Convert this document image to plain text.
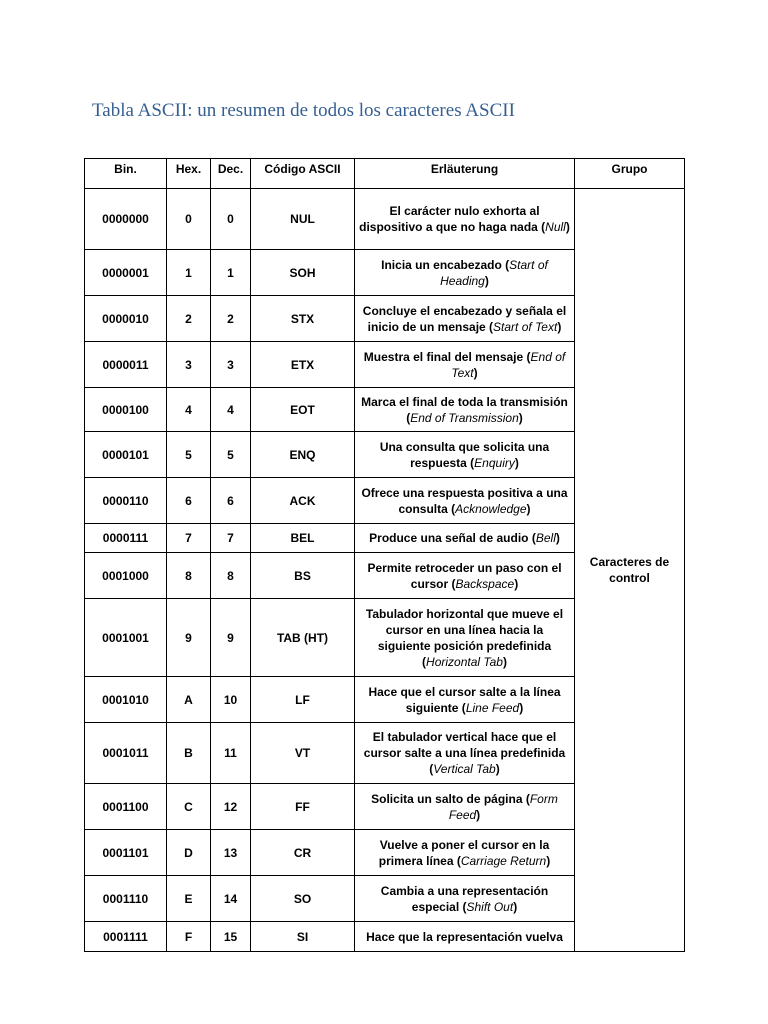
Tabla ASCII: un resumen de todos los caracteres ASCII
Bin.	Hex.	Dec.	Código ASCII	Erläuterung	Grupo
0000000	0	0	NUL	El carácter nulo exhorta al dispositivo a que no haga nada (Null)	Caracteres de control
0000001	1	1	SOH	Inicia un encabezado (Start of Heading)	
0000010	2	2	STX	Concluye el encabezado y señala el inicio de un mensaje (Start of Text)	
0000011	3	3	ETX	Muestra el final del mensaje (End of Text)	
0000100	4	4	EOT	Marca el final de toda la transmisión (End of Transmission)	
0000101	5	5	ENQ	Una consulta que solicita una respuesta (Enquiry)	
0000110	6	6	ACK	Ofrece una respuesta positiva a una consulta (Acknowledge)	
0000111	7	7	BEL	Produce una señal de audio (Bell)	
0001000	8	8	BS	Permite retroceder un paso con el cursor (Backspace)	
0001001	9	9	TAB (HT)	Tabulador horizontal que mueve el cursor en una línea hacia la siguiente posición predefinida (Horizontal Tab)	
0001010	A	10	LF	Hace que el cursor salte a la línea siguiente (Line Feed)	
0001011	B	11	VT	El tabulador vertical hace que el cursor salte a una línea predefinida (Vertical Tab)	
0001100	C	12	FF	Solicita un salto de página (Form Feed)	
0001101	D	13	CR	Vuelve a poner el cursor en la primera línea (Carriage Return)	
0001110	E	14	SO	Cambia a una representación especial (Shift Out)	
0001111	F	15	SI	Hace que la representación vuelva	
